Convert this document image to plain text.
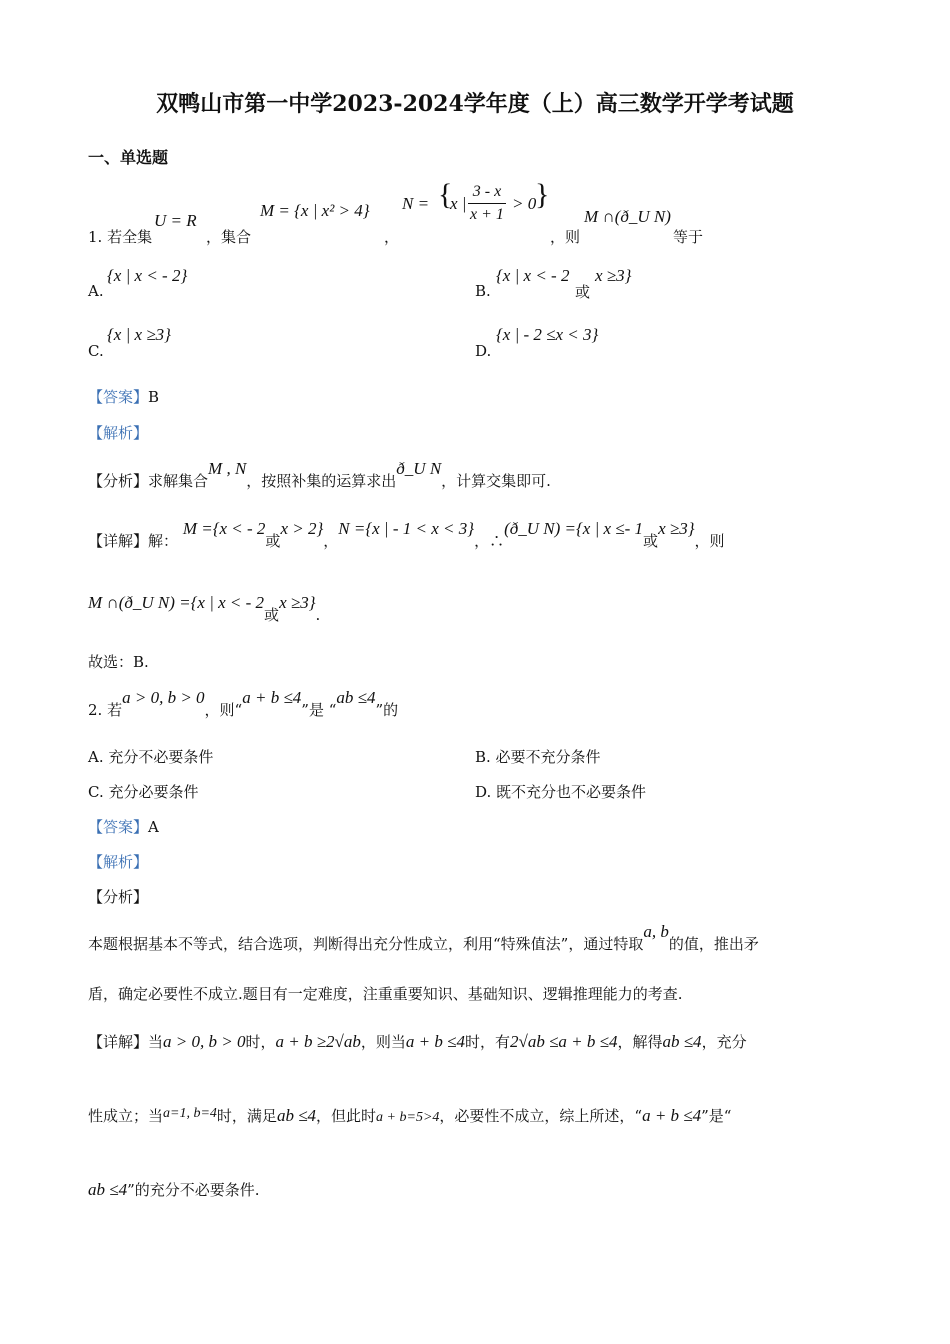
双鸭山市第一中学2023-2024学年度（上）高三数学开学考试题
一、单选题
1. 若全集
U = R
，集合
M = {x | x² > 4}
，
N = {
x | $\frac{3 - x}{x + 1} > 0$
}
，则
M ∩(ð_U N)
等于
A.
{x | x < - 2}
B.
{x | x < - 2
或
x ≥3}
C.
{x | x ≥3}
D.
{x | - 2 ≤x < 3}
【答案】B
【解析】
【分析】求解集合M , N，按照补集的运算求出ð_U N，计算交集即可.
【详解】解： M ={x < - 2或x > 2}，N ={x | - 1 < x < 3}，∴(ð_U N) ={x | x ≤- 1或x ≥3}，则
M ∩(ð_U N) ={x | x < - 2或x ≥3}.
故选：B.
2. 若a > 0, b > 0，则“a + b ≤4”是 “ab ≤4”的
A. 充分不必要条件	B. 必要不充分条件
C. 充分必要条件	D. 既不充分也不必要条件
【答案】A
【解析】
【分析】
本题根据基本不等式，结合选项，判断得出充分性成立，利用“特殊值法”，通过特取a, b的值，推出矛
盾，确定必要性不成立.题目有一定难度，注重重要知识、基础知识、逻辑推理能力的考查.
【详解】当a > 0, b > 0时，a + b ≥2√ab，则当a + b ≤4时，有2√ab ≤a + b ≤4，解得ab ≤4，充分
性成立；当a=1, b=4时，满足ab ≤4，但此时a + b=5>4，必要性不成立，综上所述，“a + b ≤4”是“
ab ≤4”的充分不必要条件.
